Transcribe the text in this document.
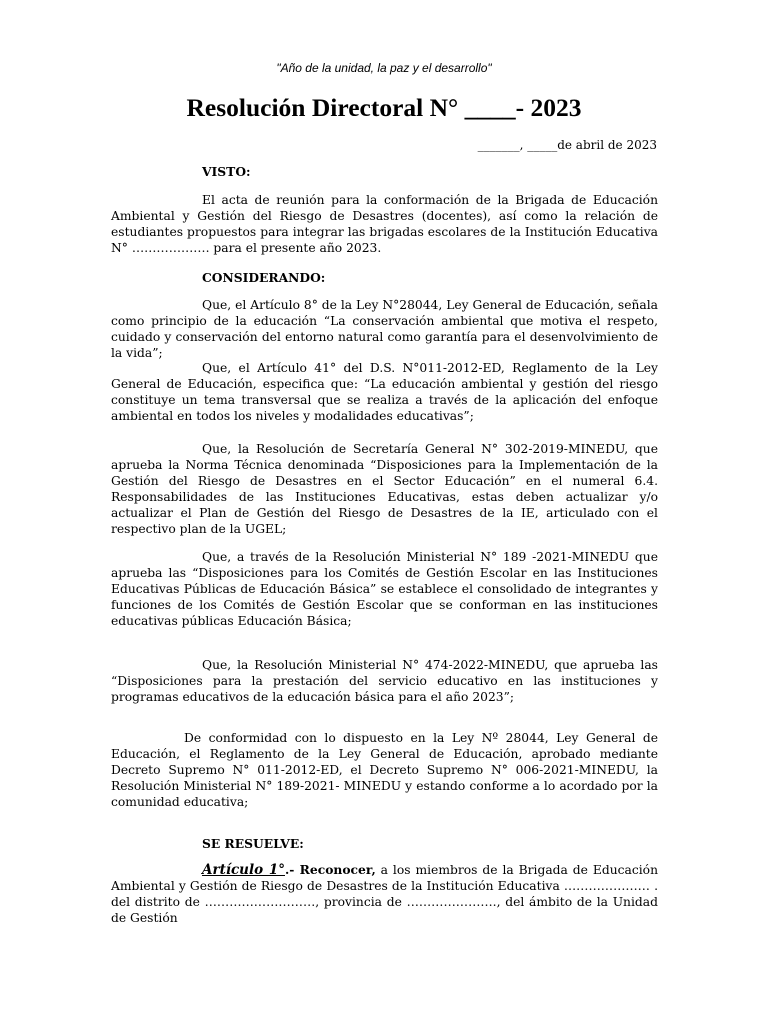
"Año de la unidad, la paz y el desarrollo"
Resolución Directoral N° ____- 2023
_______, _____de abril de 2023
VISTO:
El acta de reunión para la conformación de la Brigada de Educación Ambiental y Gestión del Riesgo de Desastres (docentes), así como la relación de estudiantes propuestos para integrar las brigadas escolares de la Institución Educativa N° ………………. para el presente año 2023.
CONSIDERANDO:
Que, el Artículo 8° de la Ley N°28044, Ley General de Educación, señala como principio de la educación “La conservación ambiental que motiva el respeto, cuidado y conservación del entorno natural como garantía para el desenvolvimiento de la vida”;
Que, el Artículo 41° del D.S. N°011-2012-ED, Reglamento de la Ley General de Educación, especifica que: “La educación ambiental y gestión del riesgo constituye un tema transversal que se realiza a través de la aplicación del enfoque ambiental en todos los niveles y modalidades educativas”;
Que, la Resolución de Secretaría General N° 302-2019-MINEDU, que aprueba la Norma Técnica denominada “Disposiciones para la Implementación de la Gestión del Riesgo de Desastres en el Sector Educación” en el numeral 6.4. Responsabilidades de las Instituciones Educativas, estas deben actualizar y/o actualizar el Plan de Gestión del Riesgo de Desastres de la IE, articulado con el respectivo plan de la UGEL;
Que, a través de la Resolución Ministerial N° 189 -2021-MINEDU que aprueba las “Disposiciones para los Comités de Gestión Escolar en las Instituciones Educativas Públicas de Educación Básica” se establece el consolidado de integrantes y funciones de los Comités de Gestión Escolar que se conforman en las instituciones educativas públicas Educación Básica;
Que, la Resolución Ministerial N° 474-2022-MINEDU, que aprueba las “Disposiciones para la prestación del servicio educativo en las instituciones y programas educativos de la educación básica para el año 2023”;
De conformidad con lo dispuesto en la Ley Nº 28044, Ley General de Educación, el Reglamento de la Ley General de Educación, aprobado mediante Decreto Supremo N° 011-2012-ED, el Decreto Supremo N° 006-2021-MINEDU, la Resolución Ministerial N° 189-2021- MINEDU y estando conforme a lo acordado por la comunidad educativa;
SE RESUELVE:
Artículo 1°.- Reconocer, a los miembros de la Brigada de Educación Ambiental y Gestión de Riesgo de Desastres de la Institución Educativa ………………… . del distrito de ………………………, provincia de …………………., del ámbito de la Unidad de Gestión
